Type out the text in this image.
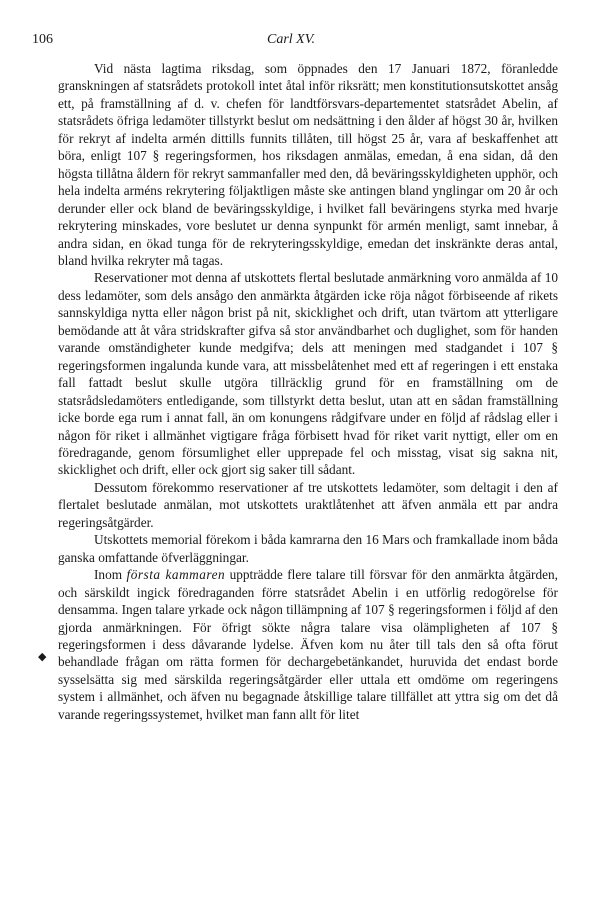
106	Carl XV.
◆

Vid nästa lagtima riksdag, som öppnades den 17 Januari 1872, föranledde granskningen af statsrådets protokoll intet åtal inför riksrätt; men konstitutionsutskottet ansåg ett, på framställning af d. v. chefen för landtförsvars-departementet statsrådet Abelin, af statsrådets öfriga ledamöter tillstyrkt beslut om nedsättning i den ålder af högst 30 år, hvilken för rekryt af indelta armén dittills funnits tillåten, till högst 25 år, vara af beskaffenhet att böra, enligt 107 § regeringsformen, hos riksdagen anmälas, emedan, å ena sidan, då den högsta tillåtna åldern för rekryt sammanfaller med den, då beväringsskyldigheten upphör, och hela indelta arméns rekrytering följaktligen måste ske antingen bland ynglingar om 20 år och derunder eller ock bland de beväringsskyldige, i hvilket fall beväringens styrka med hvarje rekrytering minskades, vore beslutet ur denna synpunkt för armén menligt, samt innebar, å andra sidan, en ökad tunga för de rekryteringsskyldige, emedan det inskränkte deras antal, bland hvilka rekryter må tagas.

Reservationer mot denna af utskottets flertal beslutade anmärkning voro anmälda af 10 dess ledamöter, som dels ansågo den anmärkta åtgärden icke röja något förbiseende af rikets sannskyldiga nytta eller någon brist på nit, skicklighet och drift, utan tvärtom att ytterligare bemödande att åt våra stridskrafter gifva så stor användbarhet och duglighet, som för handen varande omständigheter kunde medgifva; dels att meningen med stadgandet i 107 § regeringsformen ingalunda kunde vara, att missbelåtenhet med ett af regeringen i ett enstaka fall fattadt beslut skulle utgöra tillräcklig grund för en framställning om de statsrådsledamöters entledigande, som tillstyrkt detta beslut, utan att en sådan framställning icke borde ega rum i annat fall, än om konungens rådgifvare under en följd af rådslag eller i någon för riket i allmänhet vigtigare fråga förbisett hvad för riket varit nyttigt, eller om en föredragande, genom försumlighet eller upprepade fel och misstag, visat sig sakna nit, skicklighet och drift, eller ock gjort sig saker till sådant.

Dessutom förekommo reservationer af tre utskottets ledamöter, som deltagit i den af flertalet beslutade anmälan, mot utskottets uraktlåtenhet att äfven anmäla ett par andra regeringsåtgärder.

Utskottets memorial förekom i båda kamrarna den 16 Mars och framkallade inom båda ganska omfattande öfverläggningar.

Inom första kammaren uppträdde flere talare till försvar för den anmärkta åtgärden, och särskildt ingick föredraganden förre statsrådet Abelin i en utförlig redogörelse för densamma. Ingen talare yrkade ock någon tillämpning af 107 § regeringsformen i följd af den gjorda anmärkningen. För öfrigt sökte några talare visa olämpligheten af 107 § regeringsformen i dess dåvarande lydelse. Äfven kom nu åter till tals den så ofta förut behandlade frågan om rätta formen för dechargebetänkandet, huruvida det endast borde sysselsätta sig med särskilda regeringsåtgärder eller uttala ett omdöme om regeringens system i allmänhet, och äfven nu begagnade åtskillige talare tillfället att yttra sig om det då varande regeringssystemet, hvilket man fann allt för litet
